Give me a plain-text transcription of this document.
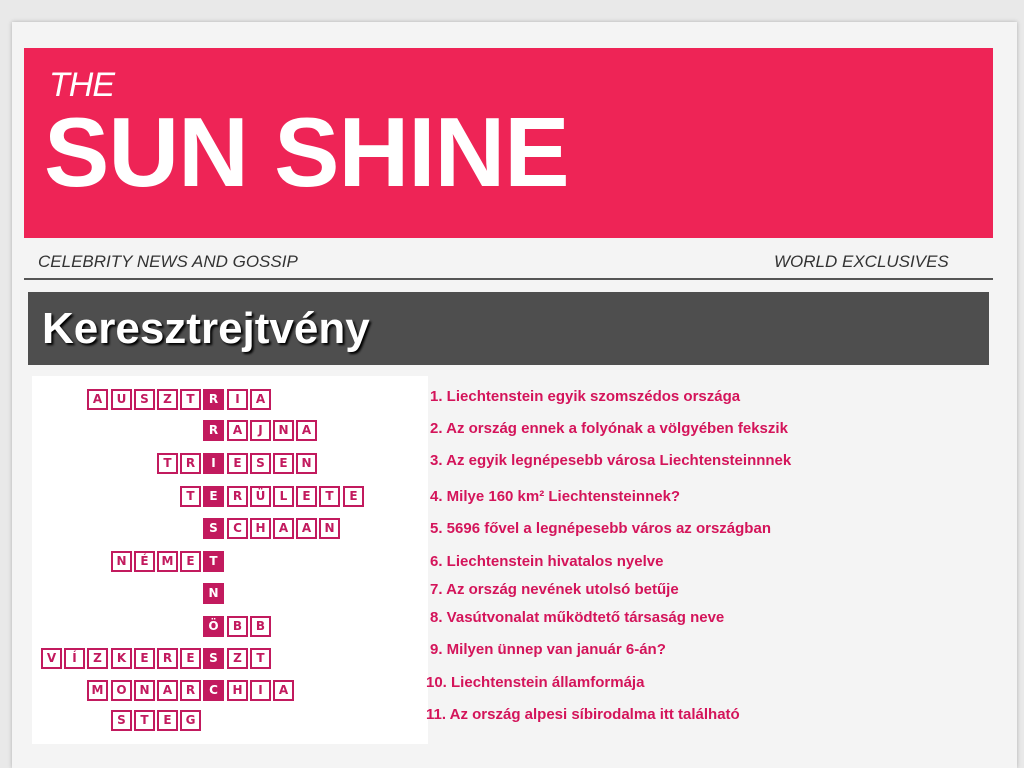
THE
SUN SHINE
CELEBRITY NEWS AND GOSSIP	WORLD EXCLUSIVES
Keresztrejtvény
A	U	S	Z	T	R	I	A
R	A	J	N	A
T	R	I	E	S	E	N
T	E	R	Ü	L	E	T	E
S	C	H	A	A	N
N	É	M	E	T
N
Ö	B	B
V	Í	Z	K	E	R	E	S	Z	T
M	O	N	A	R	C	H	I	A
S	T	E	G
1. Liechtenstein egyik szomszédos országa
2. Az ország ennek a folyónak a völgyében fekszik
3. Az egyik legnépesebb városa Liechtensteinnnek
4. Milye 160 km² Liechtensteinnek?
5. 5696 fővel a legnépesebb város az országban
6. Liechtenstein hivatalos nyelve
7. Az ország nevének utolsó betűje
8. Vasútvonalat működtető társaság neve
9. Milyen ünnep van január 6-án?
10. Liechtenstein államformája
11. Az ország alpesi síbirodalma itt található
